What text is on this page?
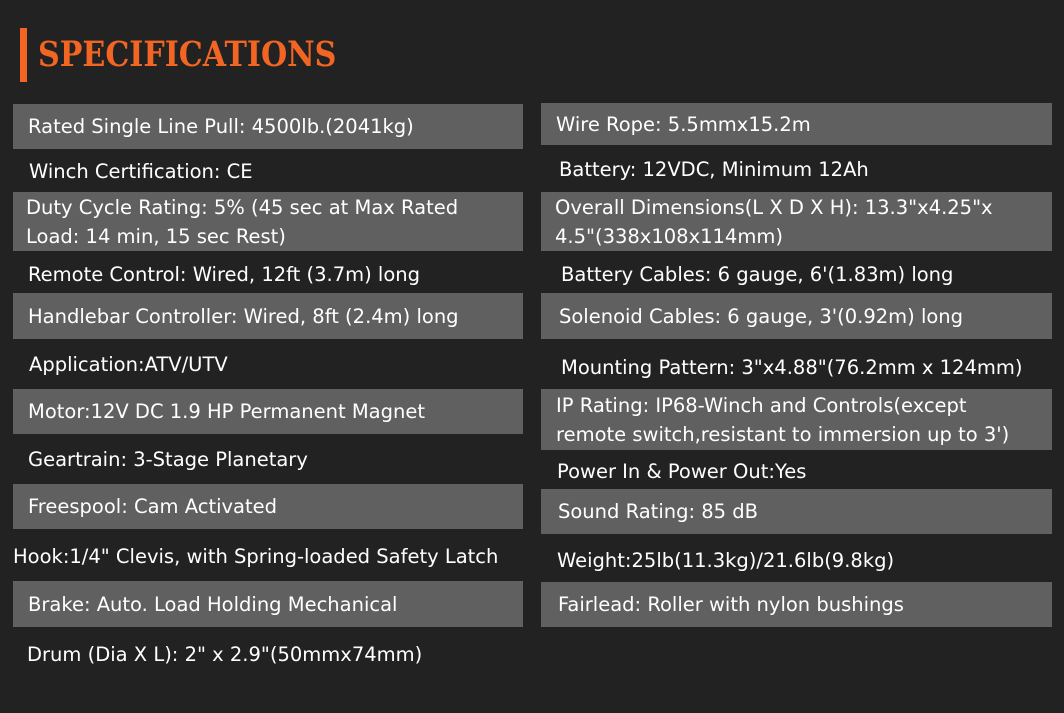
SPECIFICATIONS
Rated Single Line Pull: 4500lb.(2041kg)
Winch Certification: CE
Duty Cycle Rating: 5% (45 sec at Max Rated Load: 14 min, 15 sec Rest)
Remote Control: Wired, 12ft (3.7m) long
Handlebar Controller: Wired, 8ft (2.4m) long
Application:ATV/UTV
Motor:12V DC 1.9 HP Permanent Magnet
Geartrain: 3-Stage Planetary
Freespool: Cam Activated
Hook:1/4" Clevis, with Spring-loaded Safety Latch
Brake: Auto. Load Holding Mechanical
Drum (Dia X L): 2" x 2.9"(50mmx74mm)
Wire Rope: 5.5mmx15.2m
Battery: 12VDC, Minimum 12Ah
Overall Dimensions(L X D X H): 13.3"x4.25"x 4.5"(338x108x114mm)
Battery Cables: 6 gauge, 6'(1.83m) long
Solenoid Cables: 6 gauge, 3'(0.92m) long
Mounting Pattern: 3"x4.88"(76.2mm x 124mm)
IP Rating: IP68-Winch and Controls(except remote switch,resistant to immersion up to 3')
Power In & Power Out:Yes
Sound Rating: 85 dB
Weight:25lb(11.3kg)/21.6lb(9.8kg)
Fairlead: Roller with nylon bushings
